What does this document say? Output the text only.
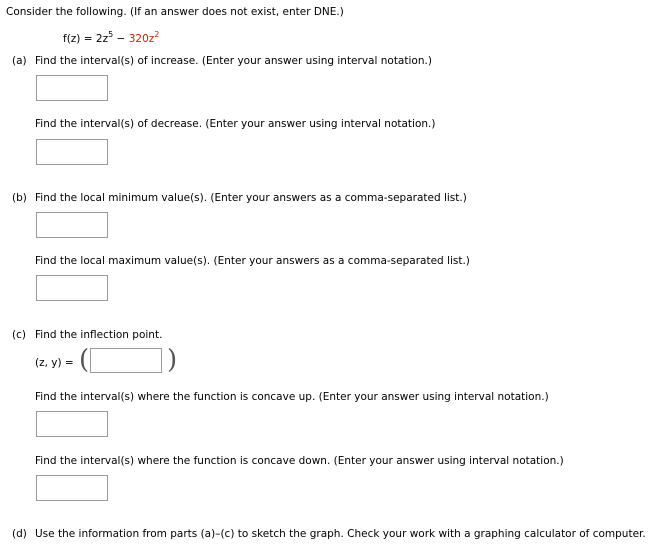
Consider the following. (If an answer does not exist, enter DNE.)
$f(z) = 2z^5 - 320z^2$
(a) Find the interval(s) of increase. (Enter your answer using interval notation.)
Find the interval(s) of decrease. (Enter your answer using interval notation.)
(b) Find the local minimum value(s). (Enter your answers as a comma-separated list.)
Find the local maximum value(s). (Enter your answers as a comma-separated list.)
(c) Find the inflection point.
(z, y) = (	)
Find the interval(s) where the function is concave up. (Enter your answer using interval notation.)
Find the interval(s) where the function is concave down. (Enter your answer using interval notation.)
(d) Use the information from parts (a)–(c) to sketch the graph. Check your work with a graphing calculator of computer.
